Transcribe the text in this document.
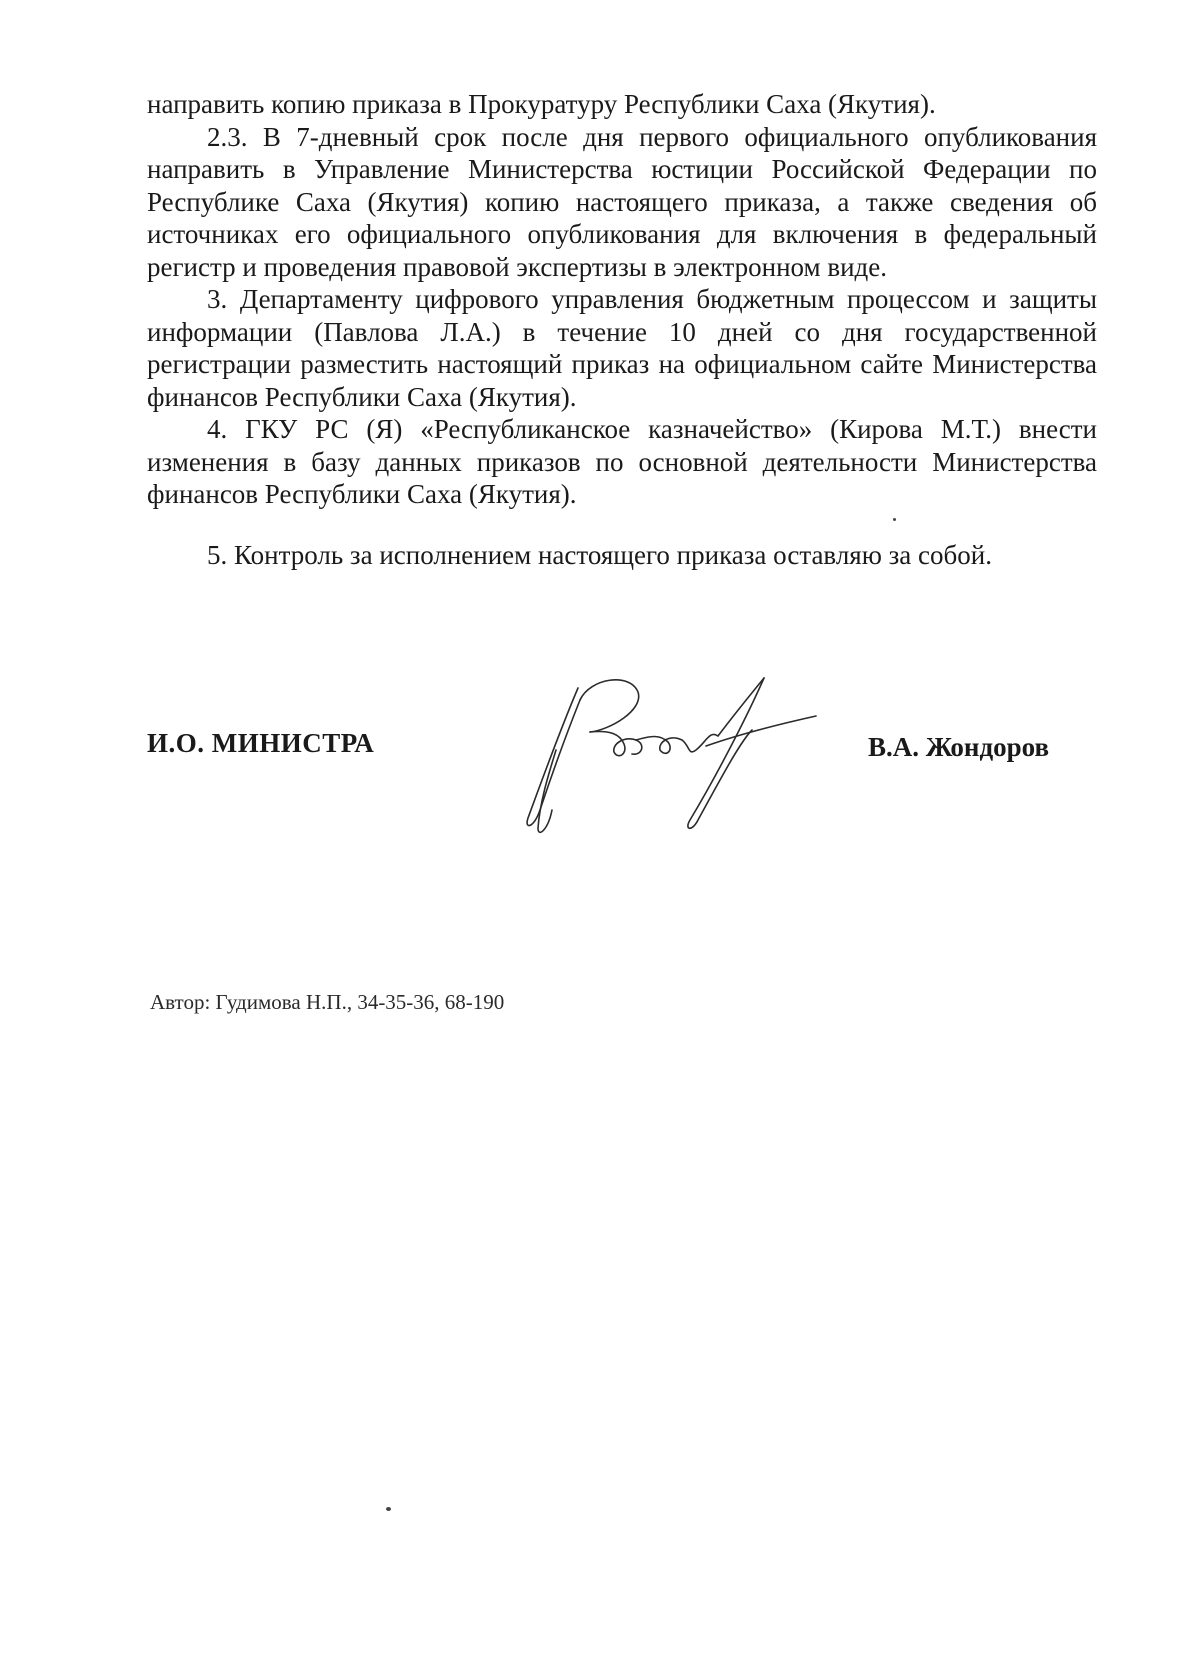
направить копию приказа в Прокуратуру Республики Саха (Якутия).

2.3. В 7-дневный срок после дня первого официального опубликования направить в Управление Министерства юстиции Российской Федерации по Республике Саха (Якутия) копию настоящего приказа, а также сведения об источниках его официального опубликования для включения в федеральный регистр и проведения правовой экспертизы в электронном виде.

3. Департаменту цифрового управления бюджетным процессом и защиты информации (Павлова Л.А.) в течение 10 дней со дня государственной регистрации разместить настоящий приказ на официальном сайте Министерства финансов Республики Саха (Якутия).

4. ГКУ РС (Я) «Республиканское казначейство» (Кирова М.Т.) внести изменения в базу данных приказов по основной деятельности Министерства финансов Республики Саха (Якутия).

5. Контроль за исполнением настоящего приказа оставляю за собой.

И.О. МИНИСТРА	В.А. Жондоров
Автор: Гудимова Н.П., 34-35-36, 68-190
